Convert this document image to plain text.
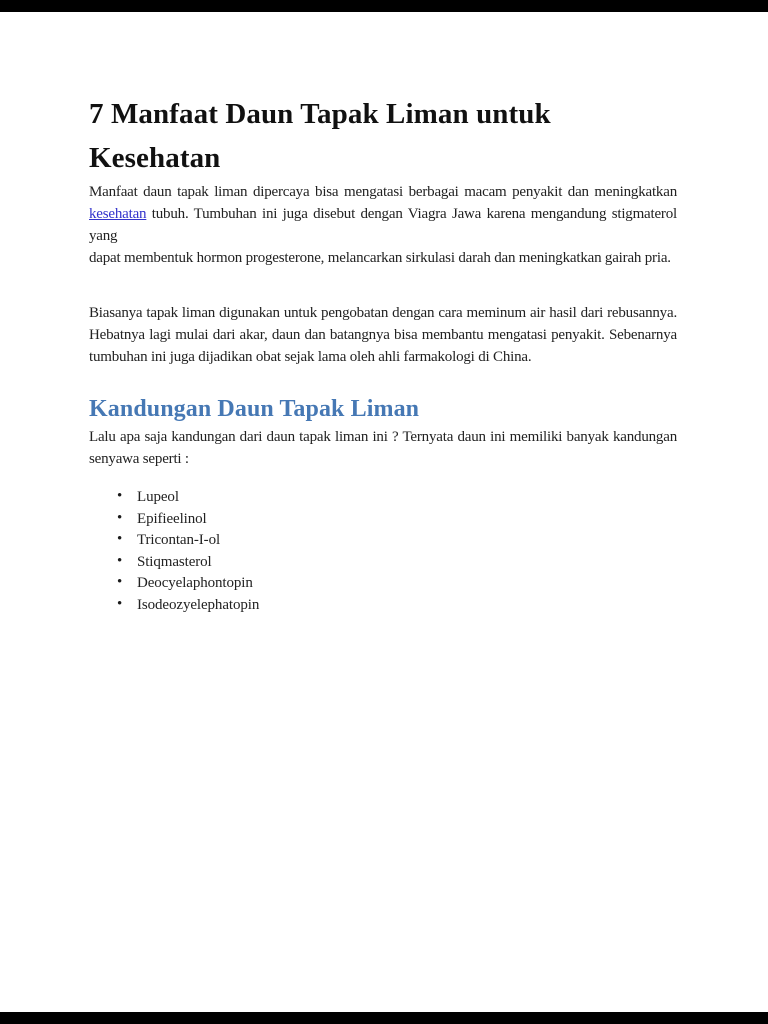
7 Manfaat Daun Tapak Liman untuk Kesehatan
Manfaat daun tapak liman dipercaya bisa mengatasi berbagai macam penyakit dan meningkatkan
kesehatan tubuh. Tumbuhan ini juga disebut dengan Viagra Jawa karena mengandung stigmaterol yang
dapat membentuk hormon progesterone, melancarkan sirkulasi darah dan meningkatkan gairah pria.
Biasanya tapak liman digunakan untuk pengobatan dengan cara meminum air hasil dari rebusannya.
Hebatnya lagi mulai dari akar, daun dan batangnya bisa membantu mengatasi penyakit. Sebenarnya
tumbuhan ini juga dijadikan obat sejak lama oleh ahli farmakologi di China.
Kandungan Daun Tapak Liman
Lalu apa saja kandungan dari daun tapak liman ini ? Ternyata daun ini memiliki banyak kandungan
senyawa seperti :
• Lupeol
• Epifieelinol
• Tricontan-I-ol
• Stiqmasterol
• Deocyelaphontopin
• Isodeozyelephatopin
